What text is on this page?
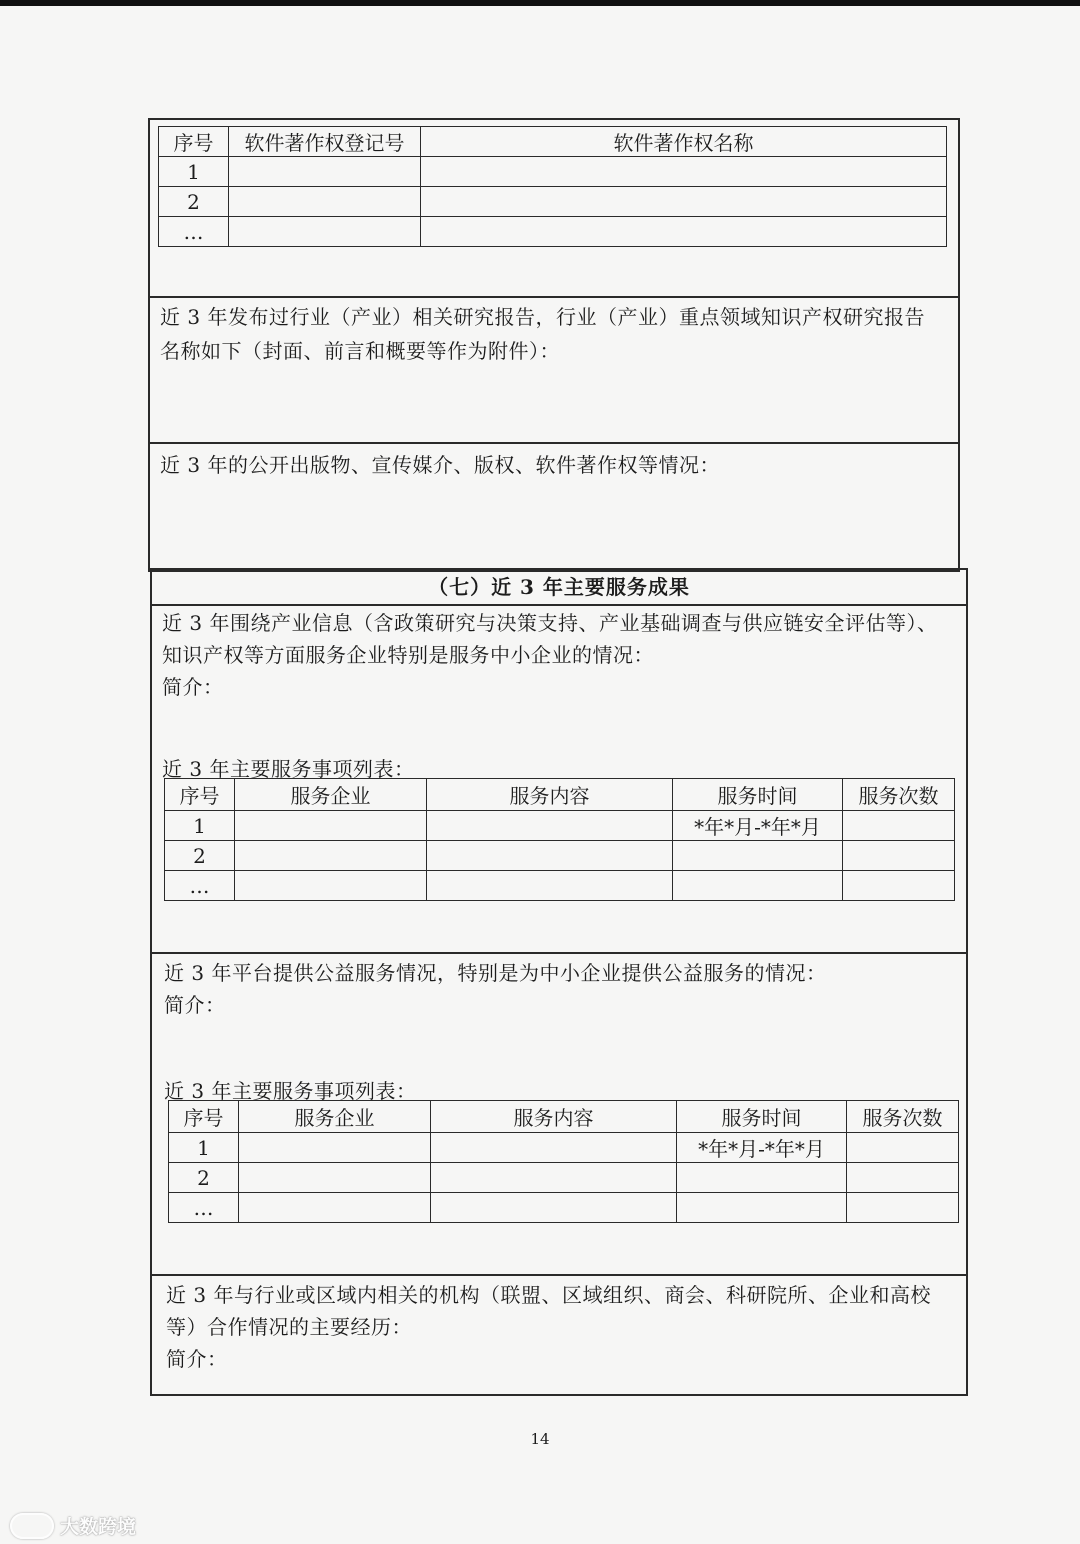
序号	软件著作权登记号	软件著作权名称
1		
2		
…		
近 3 年发布过行业（产业）相关研究报告，行业（产业）重点领域知识产权研究报告
名称如下（封面、前言和概要等作为附件）：
近 3 年的公开出版物、宣传媒介、版权、软件著作权等情况：
（七）近 3 年主要服务成果
近 3 年围绕产业信息（含政策研究与决策支持、产业基础调查与供应链安全评估等）、
知识产权等方面服务企业特别是服务中小企业的情况：
简介：
近 3 年主要服务事项列表：
序号	服务企业	服务内容	服务时间	服务次数
1			*年*月-*年*月	
2				
…				
近 3 年平台提供公益服务情况，特别是为中小企业提供公益服务的情况：
简介：
近 3 年主要服务事项列表：
序号	服务企业	服务内容	服务时间	服务次数
1			*年*月-*年*月	
2				
…				
近 3 年与行业或区域内相关的机构（联盟、区域组织、商会、科研院所、企业和高校
等）合作情况的主要经历：
简介：
14
大数跨境
